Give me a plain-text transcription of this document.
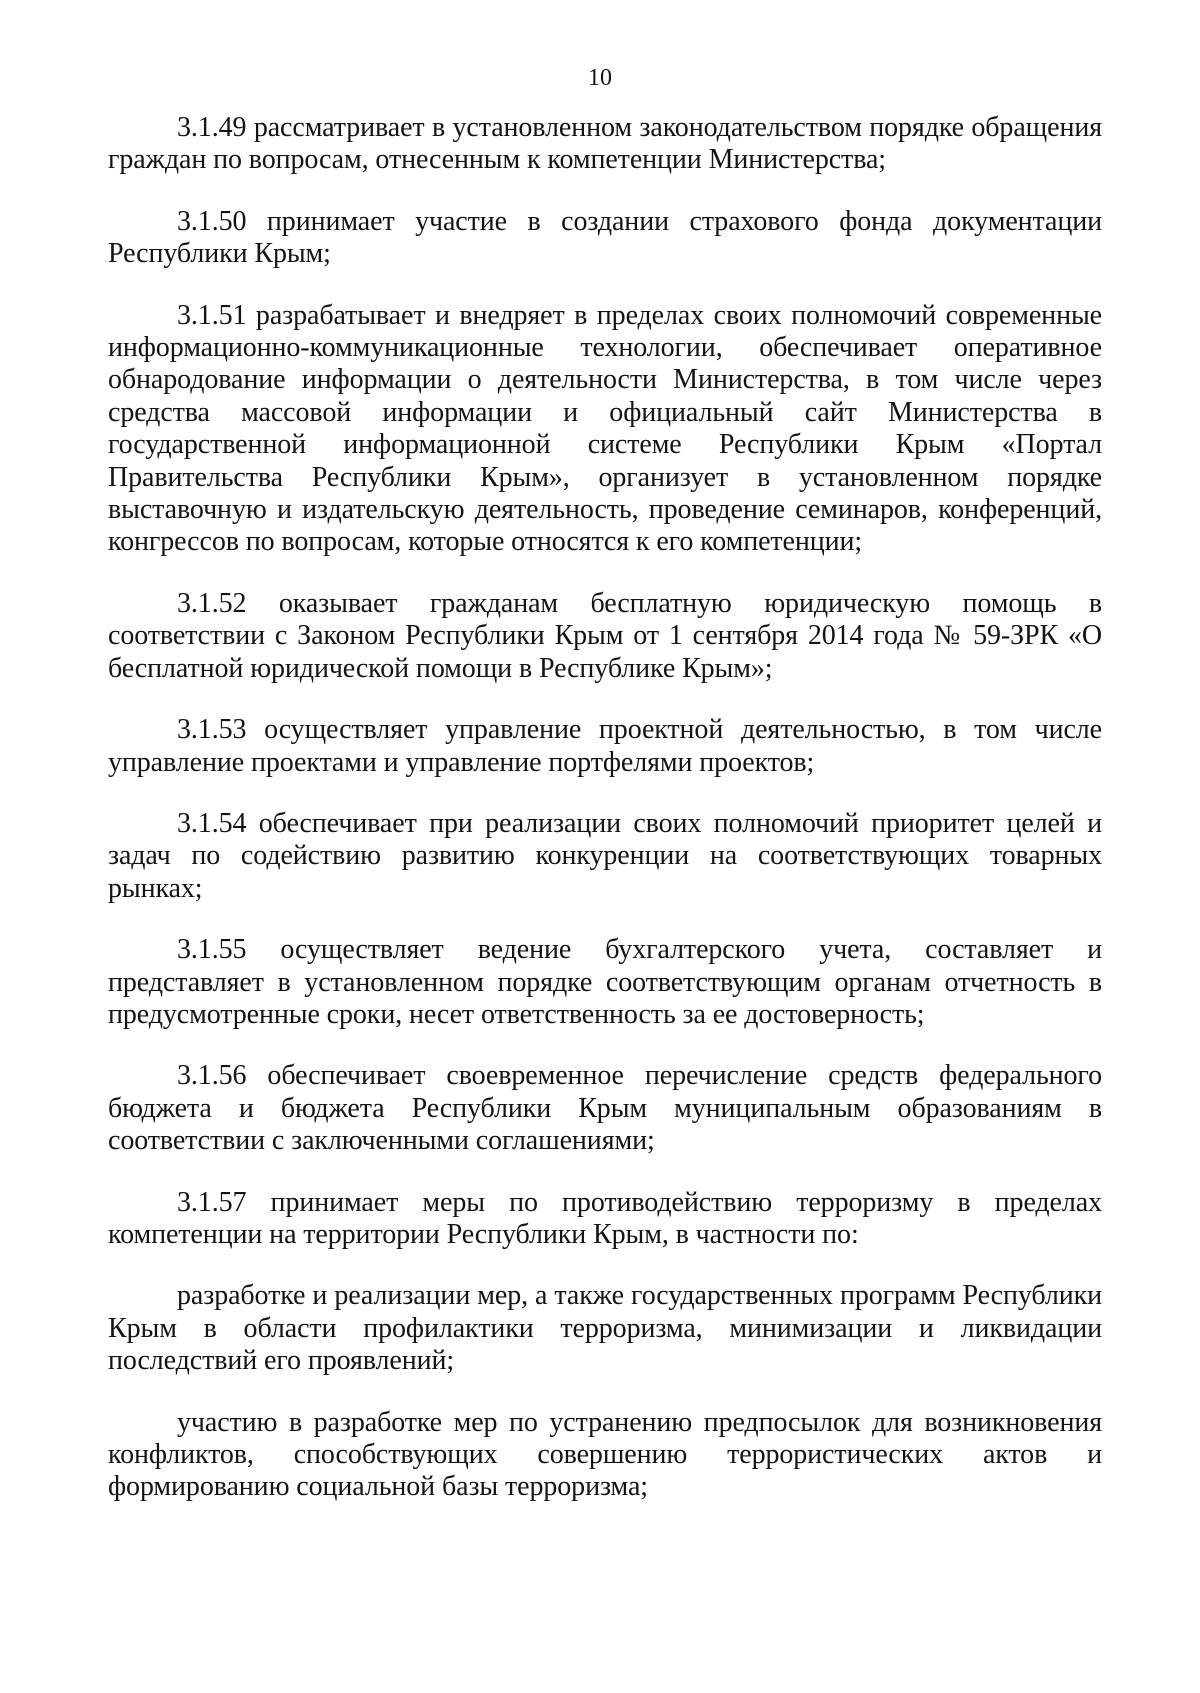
10

3.1.49 рассматривает в установленном законодательством порядке обращения граждан по вопросам, отнесенным к компетенции Министерства;

3.1.50 принимает участие в создании страхового фонда документации Республики Крым;

3.1.51 разрабатывает и внедряет в пределах своих полномочий современные информационно-коммуникационные технологии, обеспечивает оперативное обнародование информации о деятельности Министерства, в том числе через средства массовой информации и официальный сайт Министерства в государственной информационной системе Республики Крым «Портал Правительства Республики Крым», организует в установленном порядке выставочную и издательскую деятельность, проведение семинаров, конференций, конгрессов по вопросам, которые относятся к его компетенции;

3.1.52 оказывает гражданам бесплатную юридическую помощь в соответствии с Законом Республики Крым от 1 сентября 2014 года № 59-ЗРК «О бесплатной юридической помощи в Республике Крым»;

3.1.53 осуществляет управление проектной деятельностью, в том числе управление проектами и управление портфелями проектов;

3.1.54 обеспечивает при реализации своих полномочий приоритет целей и задач по содействию развитию конкуренции на соответствующих товарных рынках;

3.1.55 осуществляет ведение бухгалтерского учета, составляет и представляет в установленном порядке соответствующим органам отчетность в предусмотренные сроки, несет ответственность за ее достоверность;

3.1.56 обеспечивает своевременное перечисление средств федерального бюджета и бюджета Республики Крым муниципальным образованиям в соответствии с заключенными соглашениями;

3.1.57 принимает меры по противодействию терроризму в пределах компетенции на территории Республики Крым, в частности по:

разработке и реализации мер, а также государственных программ Республики Крым в области профилактики терроризма, минимизации и ликвидации последствий его проявлений;

участию в разработке мер по устранению предпосылок для возникновения конфликтов, способствующих совершению террористических актов и формированию социальной базы терроризма;
